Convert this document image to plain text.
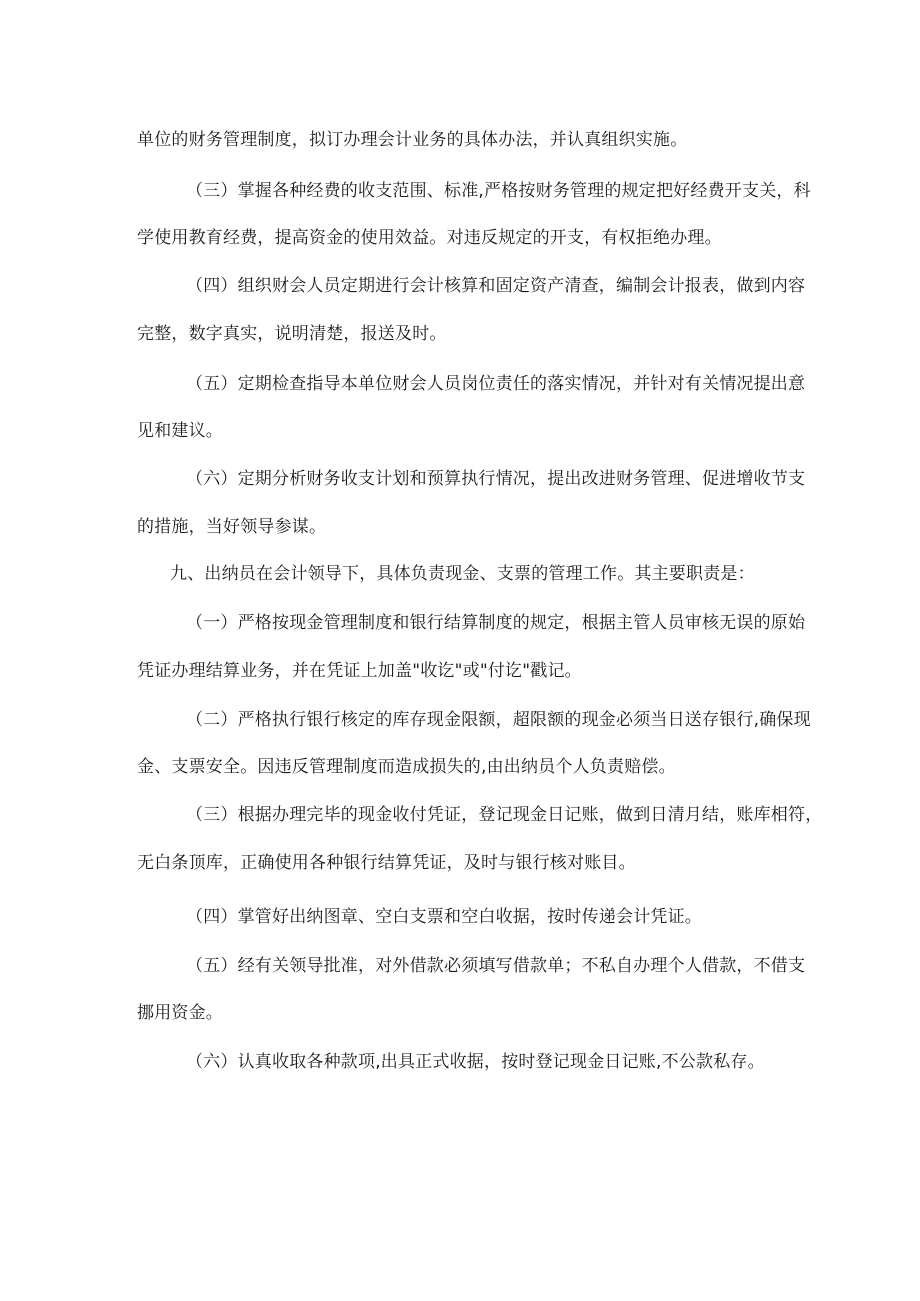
单位的财务管理制度，拟订办理会计业务的具体办法，并认真组织实施。
（三）掌握各种经费的收支范围、标准,严格按财务管理的规定把好经费开支关，科
学使用教育经费，提高资金的使用效益。对违反规定的开支，有权拒绝办理。
（四）组织财会人员定期进行会计核算和固定资产清查，编制会计报表，做到内容
完整，数字真实，说明清楚，报送及时。
（五）定期检查指导本单位财会人员岗位责任的落实情况，并针对有关情况提出意
见和建议。
（六）定期分析财务收支计划和预算执行情况，提出改进财务管理、促进增收节支
的措施，当好领导参谋。
九、出纳员在会计领导下，具体负责现金、支票的管理工作。其主要职责是：
（一）严格按现金管理制度和银行结算制度的规定，根据主管人员审核无误的原始
凭证办理结算业务，并在凭证上加盖"收讫"或"付讫"戳记。
（二）严格执行银行核定的库存现金限额，超限额的现金必须当日送存银行,确保现
金、支票安全。因违反管理制度而造成损失的,由出纳员个人负责赔偿。
（三）根据办理完毕的现金收付凭证，登记现金日记账，做到日清月结，账库相符，
无白条顶库，正确使用各种银行结算凭证，及时与银行核对账目。
（四）掌管好出纳图章、空白支票和空白收据，按时传递会计凭证。
（五）经有关领导批准，对外借款必须填写借款单；不私自办理个人借款，不借支
挪用资金。
（六）认真收取各种款项,出具正式收据，按时登记现金日记账,不公款私存。
